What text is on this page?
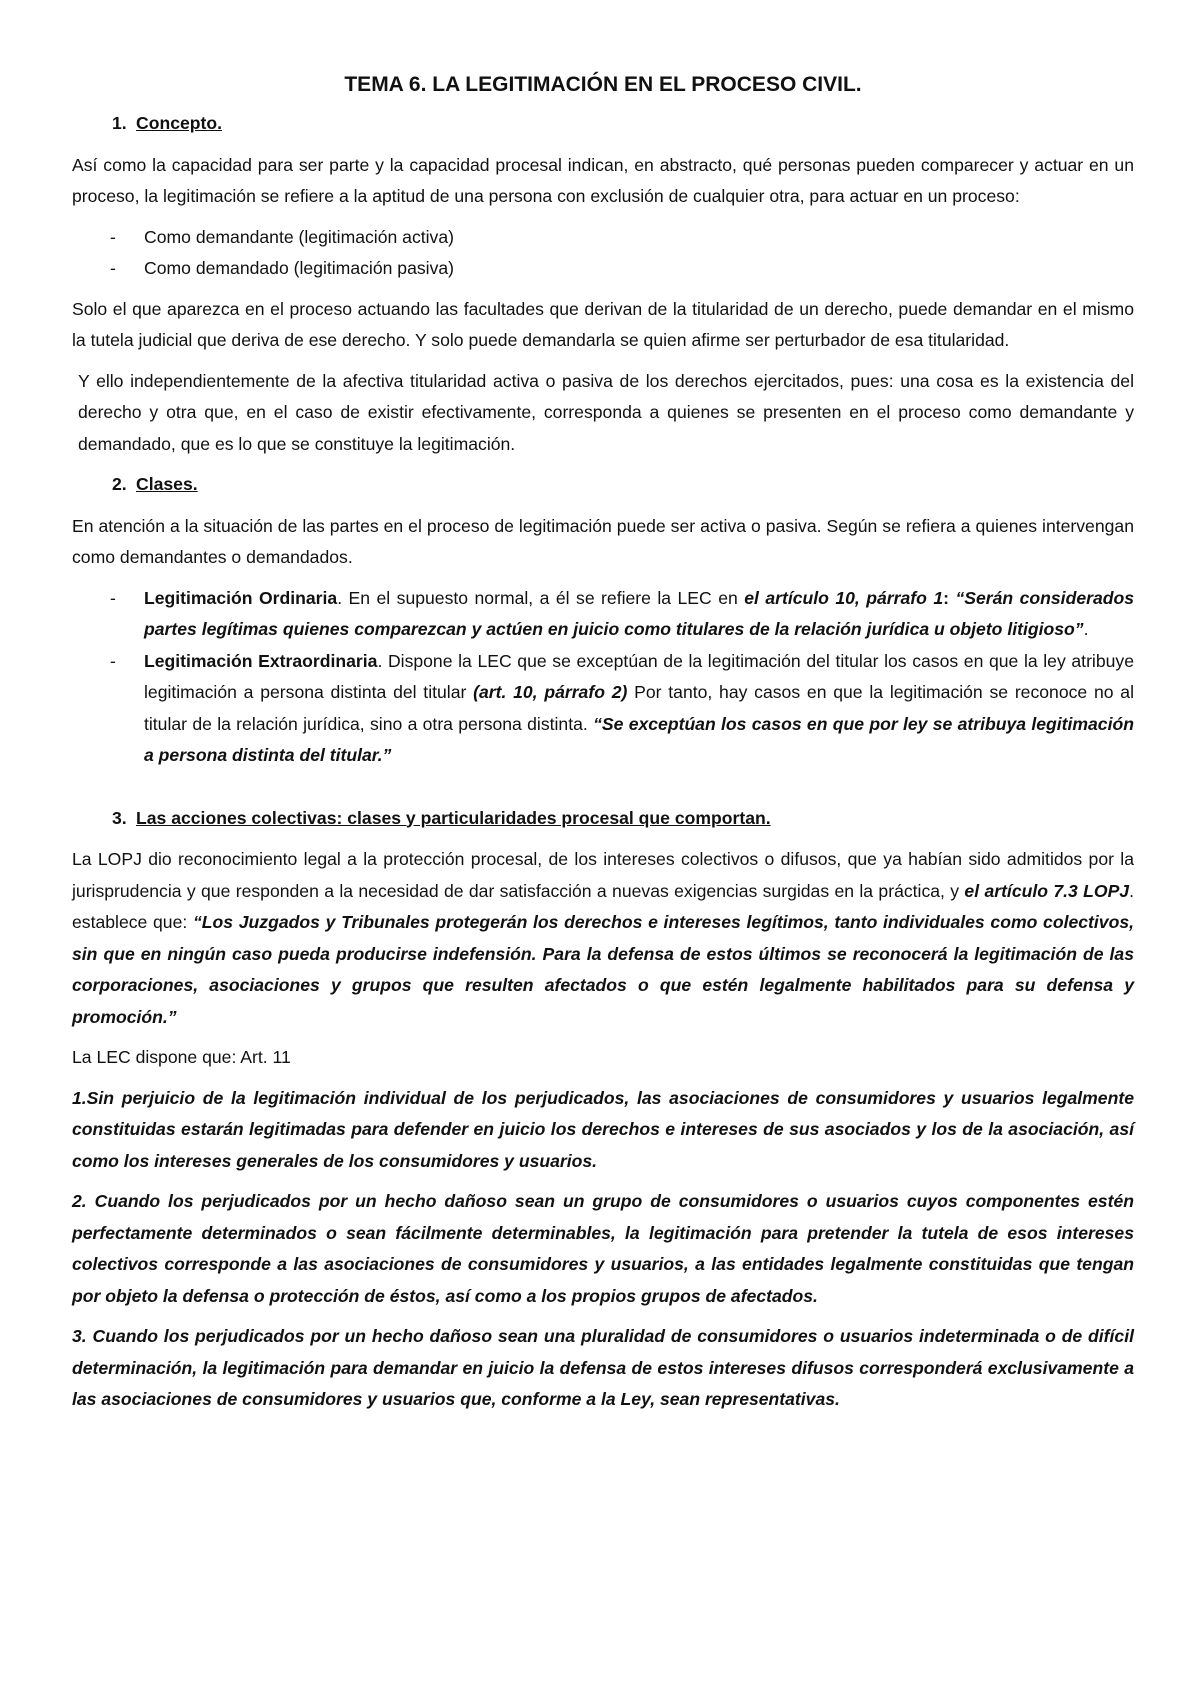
TEMA 6. LA LEGITIMACIÓN EN EL PROCESO CIVIL.
1. Concepto.

Así como la capacidad para ser parte y la capacidad procesal indican, en abstracto, qué personas pueden comparecer y actuar en un proceso, la legitimación se refiere a la aptitud de una persona con exclusión de cualquier otra, para actuar en un proceso:

- Como demandante (legitimación activa)
- Como demandado (legitimación pasiva)

Solo el que aparezca en el proceso actuando las facultades que derivan de la titularidad de un derecho, puede demandar en el mismo la tutela judicial que deriva de ese derecho. Y solo puede demandarla se quien afirme ser perturbador de esa titularidad.

Y ello independientemente de la afectiva titularidad activa o pasiva de los derechos ejercitados, pues: una cosa es la existencia del derecho y otra que, en el caso de existir efectivamente, corresponda a quienes se presenten en el proceso como demandante y demandado, que es lo que se constituye la legitimación.

2. Clases.

En atención a la situación de las partes en el proceso de legitimación puede ser activa o pasiva. Según se refiera a quienes intervengan como demandantes o demandados.

- Legitimación Ordinaria. En el supuesto normal, a él se refiere la LEC en el artículo 10, párrafo 1: “Serán considerados partes legítimas quienes comparezcan y actúen en juicio como titulares de la relación jurídica u objeto litigioso”.
- Legitimación Extraordinaria. Dispone la LEC que se exceptúan de la legitimación del titular los casos en que la ley atribuye legitimación a persona distinta del titular (art. 10, párrafo 2) Por tanto, hay casos en que la legitimación se reconoce no al titular de la relación jurídica, sino a otra persona distinta. “Se exceptúan los casos en que por ley se atribuya legitimación a persona distinta del titular.”
3. Las acciones colectivas: clases y particularidades procesal que comportan.

La LOPJ dio reconocimiento legal a la protección procesal, de los intereses colectivos o difusos, que ya habían sido admitidos por la jurisprudencia y que responden a la necesidad de dar satisfacción a nuevas exigencias surgidas en la práctica, y el artículo 7.3 LOPJ. establece que: “Los Juzgados y Tribunales protegerán los derechos e intereses legítimos, tanto individuales como colectivos, sin que en ningún caso pueda producirse indefensión. Para la defensa de estos últimos se reconocerá la legitimación de las corporaciones, asociaciones y grupos que resulten afectados o que estén legalmente habilitados para su defensa y promoción.”

La LEC dispone que: Art. 11

1.Sin perjuicio de la legitimación individual de los perjudicados, las asociaciones de consumidores y usuarios legalmente constituidas estarán legitimadas para defender en juicio los derechos e intereses de sus asociados y los de la asociación, así como los intereses generales de los consumidores y usuarios.

2. Cuando los perjudicados por un hecho dañoso sean un grupo de consumidores o usuarios cuyos componentes estén perfectamente determinados o sean fácilmente determinables, la legitimación para pretender la tutela de esos intereses colectivos corresponde a las asociaciones de consumidores y usuarios, a las entidades legalmente constituidas que tengan por objeto la defensa o protección de éstos, así como a los propios grupos de afectados.

3. Cuando los perjudicados por un hecho dañoso sean una pluralidad de consumidores o usuarios indeterminada o de difícil determinación, la legitimación para demandar en juicio la defensa de estos intereses difusos corresponderá exclusivamente a las asociaciones de consumidores y usuarios que, conforme a la Ley, sean representativas.
